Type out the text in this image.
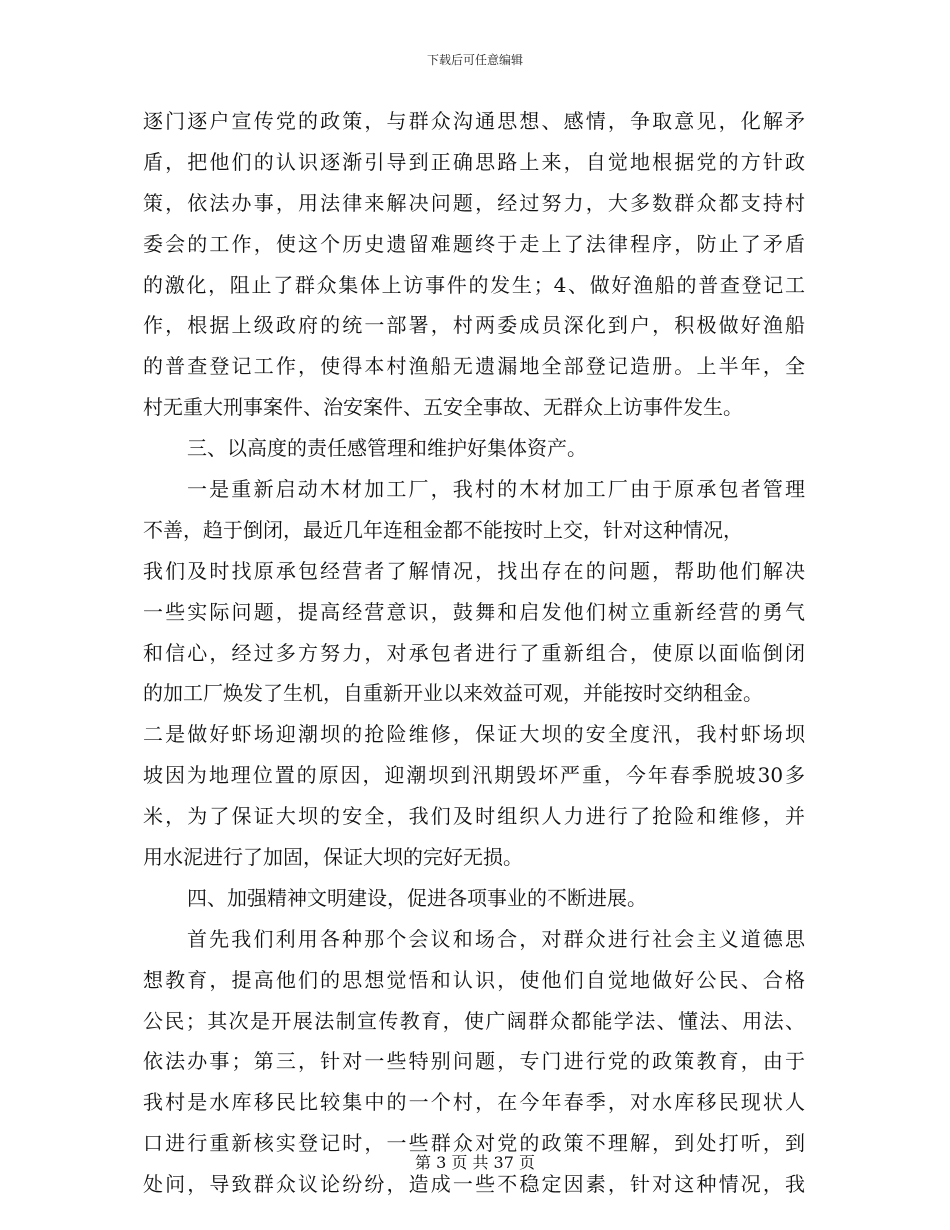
下载后可任意编辑
逐门逐户宣传党的政策，与群众沟通思想、感情，争取意见，化解矛
盾，把他们的认识逐渐引导到正确思路上来，自觉地根据党的方针政
策，依法办事，用法律来解决问题，经过努力，大多数群众都支持村
委会的工作，使这个历史遗留难题终于走上了法律程序，防止了矛盾
的激化，阻止了群众集体上访事件的发生；4、做好渔船的普查登记工
作，根据上级政府的统一部署，村两委成员深化到户，积极做好渔船
的普查登记工作，使得本村渔船无遗漏地全部登记造册。上半年，全
村无重大刑事案件、治安案件、五安全事故、无群众上访事件发生。
三、以高度的责任感管理和维护好集体资产。
一是重新启动木材加工厂，我村的木材加工厂由于原承包者管理
不善，趋于倒闭，最近几年连租金都不能按时上交，针对这种情况，
我们及时找原承包经营者了解情况，找出存在的问题，帮助他们解决
一些实际问题，提高经营意识，鼓舞和启发他们树立重新经营的勇气
和信心，经过多方努力，对承包者进行了重新组合，使原以面临倒闭
的加工厂焕发了生机，自重新开业以来效益可观，并能按时交纳租金。
二是做好虾场迎潮坝的抢险维修，保证大坝的安全度汛，我村虾场坝
坡因为地理位置的原因，迎潮坝到汛期毁坏严重，今年春季脱坡30多
米，为了保证大坝的安全，我们及时组织人力进行了抢险和维修，并
用水泥进行了加固，保证大坝的完好无损。
四、加强精神文明建设，促进各项事业的不断进展。
首先我们利用各种那个会议和场合，对群众进行社会主义道德思
想教育，提高他们的思想觉悟和认识，使他们自觉地做好公民、合格
公民；其次是开展法制宣传教育，使广阔群众都能学法、懂法、用法、
依法办事；第三，针对一些特别问题，专门进行党的政策教育，由于
我村是水库移民比较集中的一个村，在今年春季，对水库移民现状人
口进行重新核实登记时，一些群众对党的政策不理解，到处打听，到
处问，导致群众议论纷纷，造成一些不稳定因素，针对这种情况，我
第 3 页 共 37 页
